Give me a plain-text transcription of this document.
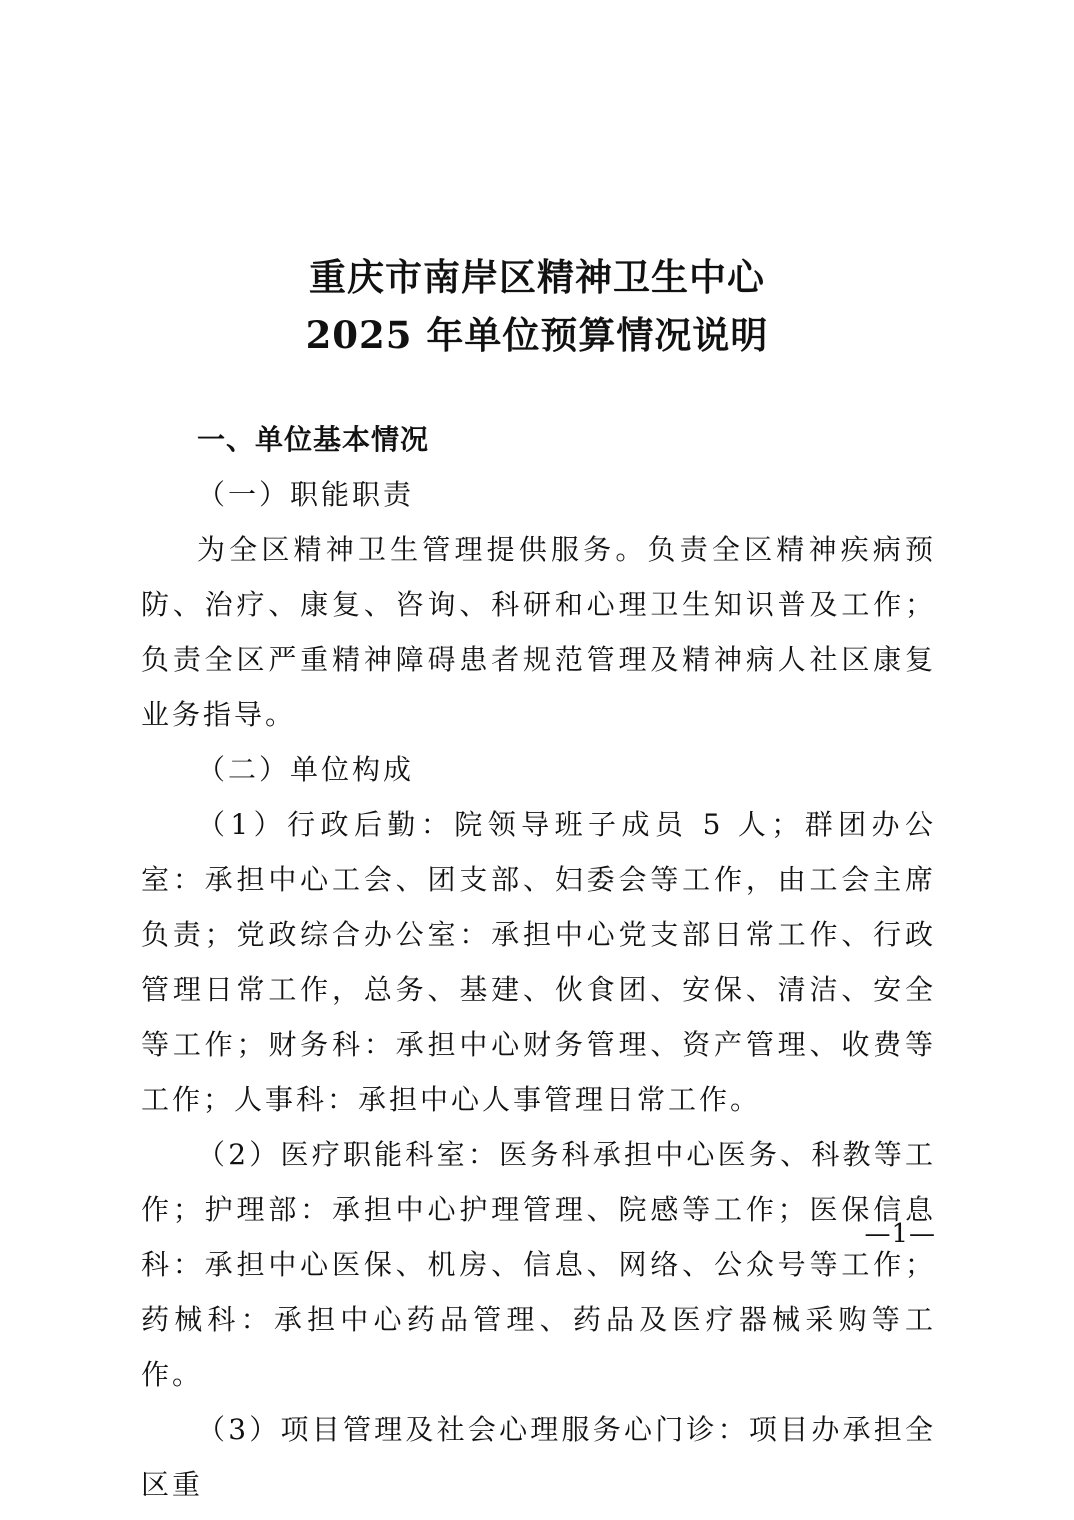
重庆市南岸区精神卫生中心
2025 年单位预算情况说明

一、单位基本情况

（一）职能职责

为全区精神卫生管理提供服务。负责全区精神疾病预防、治疗、康复、咨询、科研和心理卫生知识普及工作；负责全区严重精神障碍患者规范管理及精神病人社区康复业务指导。

（二）单位构成

（1）行政后勤：院领导班子成员 5 人；群团办公室：承担中心工会、团支部、妇委会等工作，由工会主席负责；党政综合办公室：承担中心党支部日常工作、行政管理日常工作，总务、基建、伙食团、安保、清洁、安全等工作；财务科：承担中心财务管理、资产管理、收费等工作；人事科：承担中心人事管理日常工作。

（2）医疗职能科室：医务科承担中心医务、科教等工作；护理部：承担中心护理管理、院感等工作；医保信息科：承担中心医保、机房、信息、网络、公众号等工作；药械科：承担中心药品管理、药品及医疗器械采购等工作。

（3）项目管理及社会心理服务心门诊：项目办承担全区重

—1—
